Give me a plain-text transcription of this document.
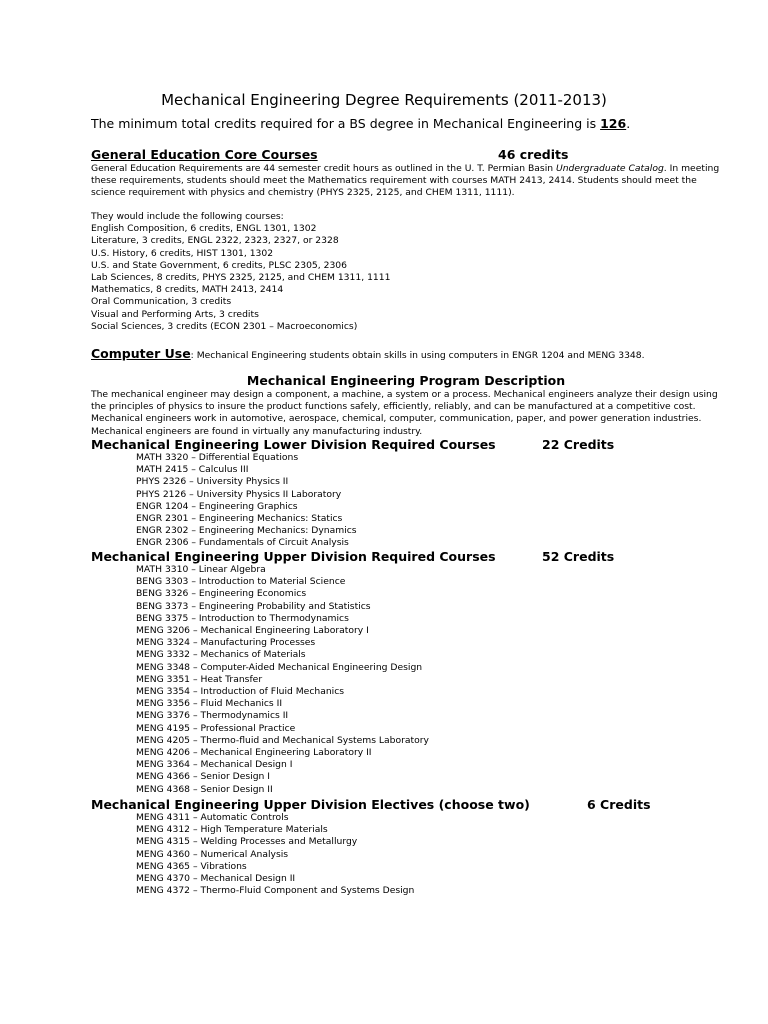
Mechanical Engineering Degree Requirements (2011-2013)
The minimum total credits required for a BS degree in Mechanical Engineering is 126.
General Education Core Courses	46 credits
General Education Requirements are 44 semester credit hours as outlined in the U. T. Permian Basin Undergraduate Catalog. In meeting these requirements, students should meet the Mathematics requirement with courses MATH 2413, 2414. Students should meet the science requirement with physics and chemistry (PHYS 2325, 2125, and CHEM 1311, 1111).
They would include the following courses:
English Composition, 6 credits, ENGL 1301, 1302
Literature, 3 credits, ENGL 2322, 2323, 2327, or 2328
U.S. History, 6 credits, HIST 1301, 1302
U.S. and State Government, 6 credits, PLSC 2305, 2306
Lab Sciences, 8 credits, PHYS 2325, 2125, and CHEM 1311, 1111
Mathematics, 8 credits, MATH 2413, 2414
Oral Communication, 3 credits
Visual and Performing Arts, 3 credits
Social Sciences, 3 credits (ECON 2301 – Macroeconomics)
Computer Use: Mechanical Engineering students obtain skills in using computers in ENGR 1204 and MENG 3348.
Mechanical Engineering Program Description
The mechanical engineer may design a component, a machine, a system or a process. Mechanical engineers analyze their design using the principles of physics to insure the product functions safely, efficiently, reliably, and can be manufactured at a competitive cost. Mechanical engineers work in automotive, aerospace, chemical, computer, communication, paper, and power generation industries. Mechanical engineers are found in virtually any manufacturing industry.
Mechanical Engineering Lower Division Required Courses	22 Credits
MATH 3320 – Differential Equations
MATH 2415 – Calculus III
PHYS 2326 – University Physics II
PHYS 2126 – University Physics II Laboratory
ENGR 1204 – Engineering Graphics
ENGR 2301 – Engineering Mechanics: Statics
ENGR 2302 – Engineering Mechanics: Dynamics
ENGR 2306 – Fundamentals of Circuit Analysis
Mechanical Engineering Upper Division Required Courses	52 Credits
MATH 3310 – Linear Algebra
BENG 3303 – Introduction to Material Science
BENG 3326 – Engineering Economics
BENG 3373 – Engineering Probability and Statistics
BENG 3375 – Introduction to Thermodynamics
MENG 3206 – Mechanical Engineering Laboratory I
MENG 3324 – Manufacturing Processes
MENG 3332 – Mechanics of Materials
MENG 3348 – Computer-Aided Mechanical Engineering Design
MENG 3351 – Heat Transfer
MENG 3354 – Introduction of Fluid Mechanics
MENG 3356 – Fluid Mechanics II
MENG 3376 – Thermodynamics II
MENG 4195 – Professional Practice
MENG 4205 – Thermo-fluid and Mechanical Systems Laboratory
MENG 4206 – Mechanical Engineering Laboratory II
MENG 3364 – Mechanical Design I
MENG 4366 – Senior Design I
MENG 4368 – Senior Design II
Mechanical Engineering Upper Division Electives (choose two)	6 Credits
MENG 4311 – Automatic Controls
MENG 4312 – High Temperature Materials
MENG 4315 – Welding Processes and Metallurgy
MENG 4360 – Numerical Analysis
MENG 4365 – Vibrations
MENG 4370 – Mechanical Design II
MENG 4372 – Thermo-Fluid Component and Systems Design
